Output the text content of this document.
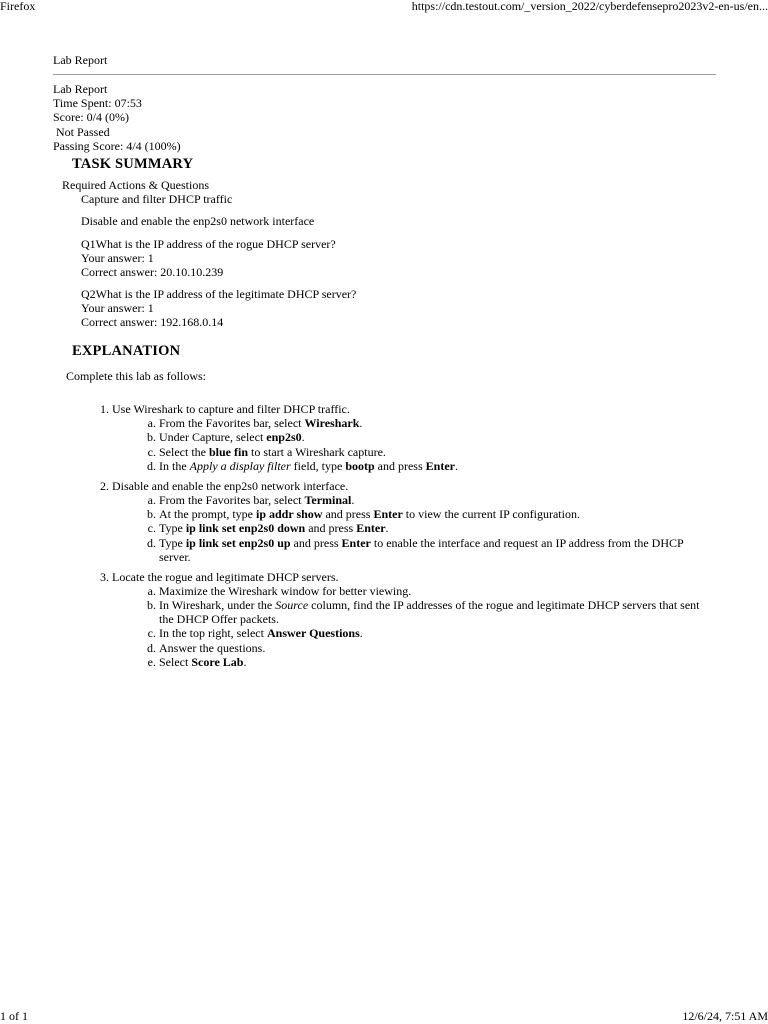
Firefox	https://cdn.testout.com/_version_2022/cyberdefensepro2023v2-en-us/en...
1 of 1	12/6/24, 7:51 AM
Lab Report
Lab Report
Time Spent: 07:53
Score: 0/4 (0%)
Not Passed
Passing Score: 4/4 (100%)
TASK SUMMARY
Required Actions & Questions
Capture and filter DHCP traffic
Disable and enable the enp2s0 network interface
Q1What is the IP address of the rogue DHCP server?
Your answer: 1
Correct answer: 20.10.10.239
Q2What is the IP address of the legitimate DHCP server?
Your answer: 1
Correct answer: 192.168.0.14
EXPLANATION
Complete this lab as follows:
1. Use Wireshark to capture and filter DHCP traffic.
a. From the Favorites bar, select Wireshark.
b. Under Capture, select enp2s0.
c. Select the blue fin to start a Wireshark capture.
d. In the Apply a display filter field, type bootp and press Enter.
2. Disable and enable the enp2s0 network interface.
a. From the Favorites bar, select Terminal.
b. At the prompt, type ip addr show and press Enter to view the current IP configuration.
c. Type ip link set enp2s0 down and press Enter.
d. Type ip link set enp2s0 up and press Enter to enable the interface and request an IP address from the DHCP server.
3. Locate the rogue and legitimate DHCP servers.
a. Maximize the Wireshark window for better viewing.
b. In Wireshark, under the Source column, find the IP addresses of the rogue and legitimate DHCP servers that sent the DHCP Offer packets.
c. In the top right, select Answer Questions.
d. Answer the questions.
e. Select Score Lab.
